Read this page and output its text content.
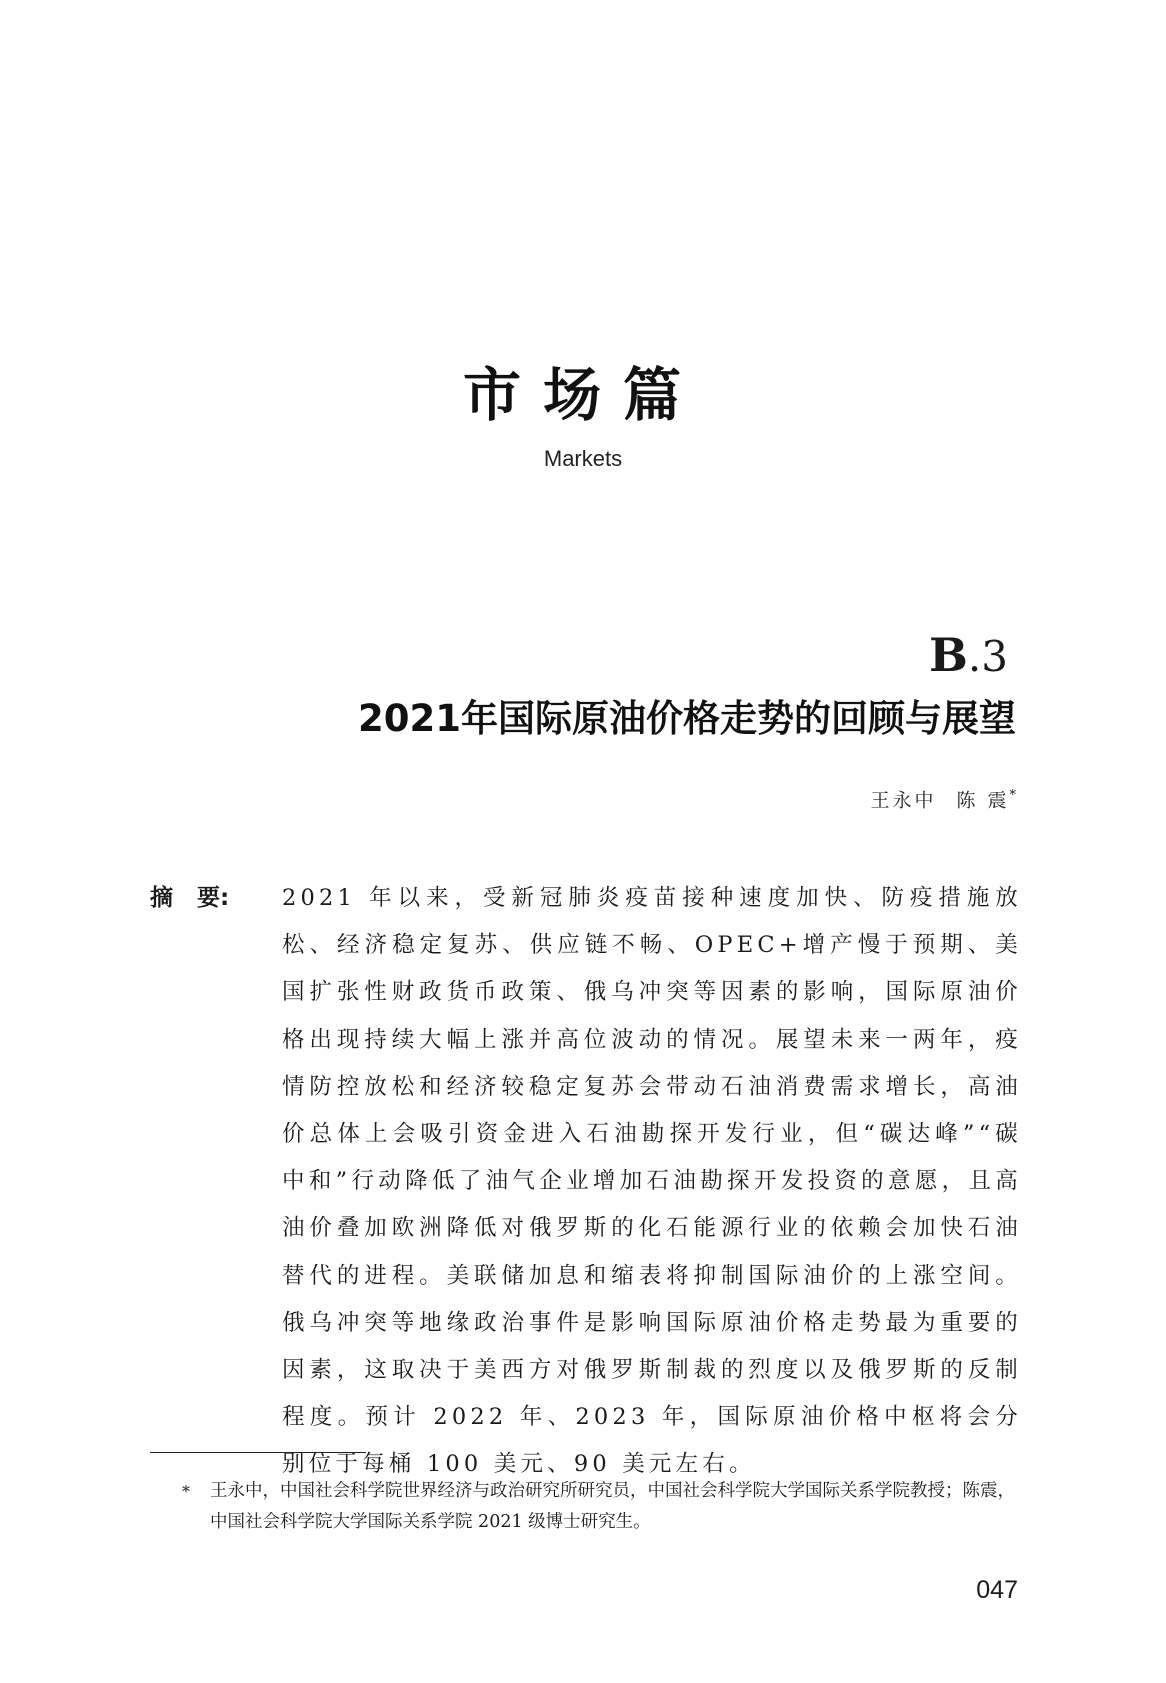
市场篇
Markets
B.3
2021年国际原油价格走势的回顾与展望
王永中 陈 震*
摘 要:	2021 年以来，受新冠肺炎疫苗接种速度加快、防疫措施放松、经济稳定复苏、供应链不畅、OPEC+增产慢于预期、美国扩张性财政货币政策、俄乌冲突等因素的影响，国际原油价格出现持续大幅上涨并高位波动的情况。展望未来一两年，疫情防控放松和经济较稳定复苏会带动石油消费需求增长，高油价总体上会吸引资金进入石油勘探开发行业，但“碳达峰”“碳中和”行动降低了油气企业增加石油勘探开发投资的意愿，且高油价叠加欧洲降低对俄罗斯的化石能源行业的依赖会加快石油替代的进程。美联储加息和缩表将抑制国际油价的上涨空间。俄乌冲突等地缘政治事件是影响国际原油价格走势最为重要的因素，这取决于美西方对俄罗斯制裁的烈度以及俄罗斯的反制程度。预计 2022 年、2023 年，国际原油价格中枢将会分别位于每桶 100 美元、90 美元左右。
*	王永中，中国社会科学院世界经济与政治研究所研究员，中国社会科学院大学国际关系学院教授；陈震，中国社会科学院大学国际关系学院 2021 级博士研究生。
047
